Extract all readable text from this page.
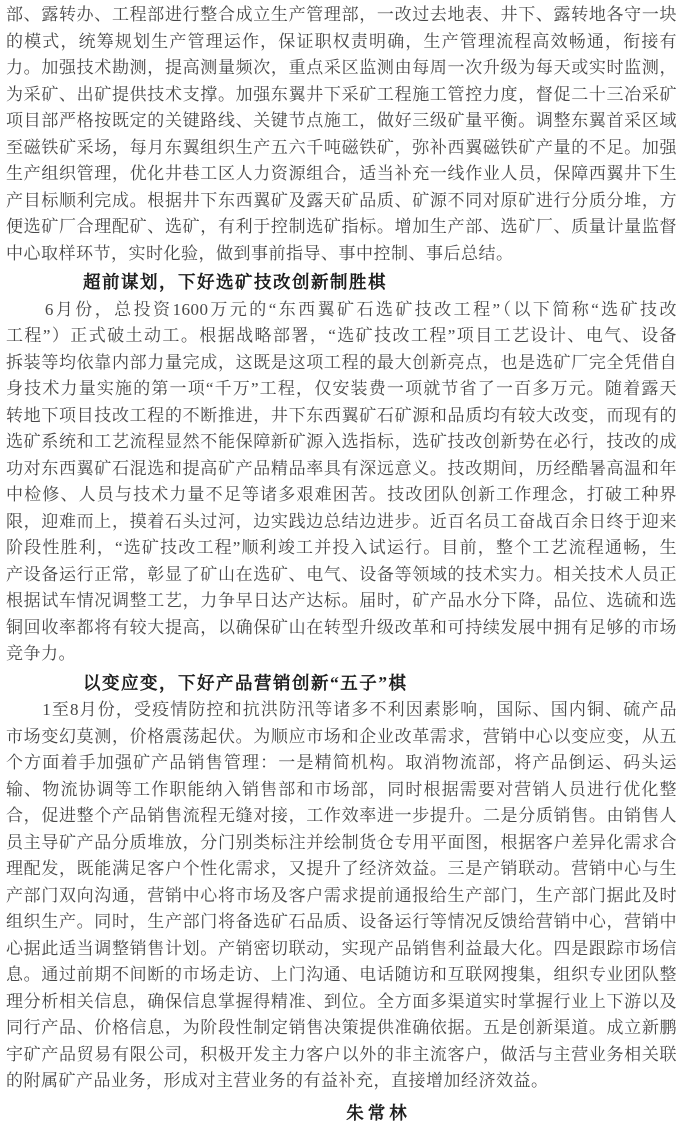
部、露转办、工程部进行整合成立生产管理部，一改过去地表、井下、露转地各守一块
的模式，统筹规划生产管理运作，保证职权责明确，生产管理流程高效畅通，衔接有
力。加强技术勘测，提高测量频次，重点采区监测由每周一次升级为每天或实时监测，
为采矿、出矿提供技术支撑。加强东翼井下采矿工程施工管控力度，督促二十三冶采矿
项目部严格按既定的关键路线、关键节点施工，做好三级矿量平衡。调整东翼首采区域
至磁铁矿采场，每月东翼组织生产五六千吨磁铁矿，弥补西翼磁铁矿产量的不足。加强
生产组织管理，优化井巷工区人力资源组合，适当补充一线作业人员，保障西翼井下生
产目标顺利完成。根据井下东西翼矿及露天矿品质、矿源不同对原矿进行分质分堆，方
便选矿厂合理配矿、选矿，有利于控制选矿指标。增加生产部、选矿厂、质量计量监督
中心取样环节，实时化验，做到事前指导、事中控制、事后总结。
超前谋划，下好选矿技改创新制胜棋
　　6月份，总投资1600万元的“东西翼矿石选矿技改工程”（以下简称“选矿技改
工程”）正式破土动工。根据战略部署，“选矿技改工程”项目工艺设计、电气、设备
拆装等均依靠内部力量完成，这既是这项工程的最大创新亮点，也是选矿厂完全凭借自
身技术力量实施的第一项“千万”工程，仅安装费一项就节省了一百多万元。随着露天
转地下项目技改工程的不断推进，井下东西翼矿石矿源和品质均有较大改变，而现有的
选矿系统和工艺流程显然不能保障新矿源入选指标，选矿技改创新势在必行，技改的成
功对东西翼矿石混选和提高矿产品精品率具有深远意义。技改期间，历经酷暑高温和年
中检修、人员与技术力量不足等诸多艰难困苦。技改团队创新工作理念，打破工种界
限，迎难而上，摸着石头过河，边实践边总结边进步。近百名员工奋战百余日终于迎来
阶段性胜利，“选矿技改工程”顺利竣工并投入试运行。目前，整个工艺流程通畅，生
产设备运行正常，彰显了矿山在选矿、电气、设备等领域的技术实力。相关技术人员正
根据试车情况调整工艺，力争早日达产达标。届时，矿产品水分下降，品位、选硫和选
铜回收率都将有较大提高，以确保矿山在转型升级改革和可持续发展中拥有足够的市场
竞争力。
以变应变，下好产品营销创新“五子”棋
　　1至8月份，受疫情防控和抗洪防汛等诸多不利因素影响，国际、国内铜、硫产品
市场变幻莫测，价格震荡起伏。为顺应市场和企业改革需求，营销中心以变应变，从五
个方面着手加强矿产品销售管理：一是精简机构。取消物流部，将产品倒运、码头运
输、物流协调等工作职能纳入销售部和市场部，同时根据需要对营销人员进行优化整
合，促进整个产品销售流程无缝对接，工作效率进一步提升。二是分质销售。由销售人
员主导矿产品分质堆放，分门别类标注并绘制货仓专用平面图，根据客户差异化需求合
理配发，既能满足客户个性化需求，又提升了经济效益。三是产销联动。营销中心与生
产部门双向沟通，营销中心将市场及客户需求提前通报给生产部门，生产部门据此及时
组织生产。同时，生产部门将备选矿石品质、设备运行等情况反馈给营销中心，营销中
心据此适当调整销售计划。产销密切联动，实现产品销售利益最大化。四是跟踪市场信
息。通过前期不间断的市场走访、上门沟通、电话随访和互联网搜集，组织专业团队整
理分析相关信息，确保信息掌握得精准、到位。全方面多渠道实时掌握行业上下游以及
同行产品、价格信息，为阶段性制定销售决策提供准确依据。五是创新渠道。成立新鹏
宇矿产品贸易有限公司，积极开发主力客户以外的非主流客户，做活与主营业务相关联
的附属矿产品业务，形成对主营业务的有益补充，直接增加经济效益。
朱常林
